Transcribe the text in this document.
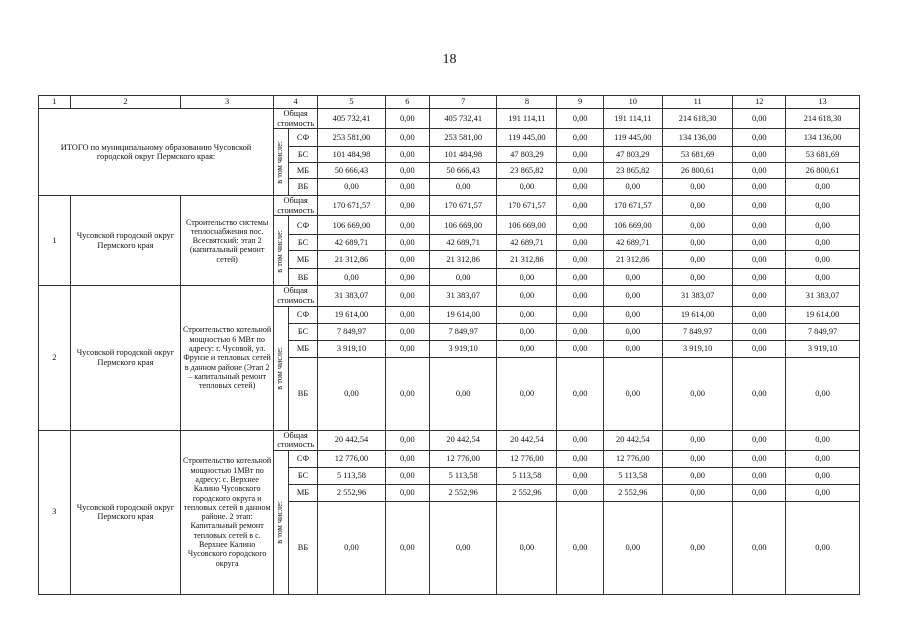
18
1	2	3	4		5	6	7	8	9	10	11	12	13
ИТОГО по муниципальному образованию Чусовской городской округ Пермского края:			Общая стоимость		405 732,41	0,00	405 732,41	191 114,11	0,00	191 114,11	214 618,30	0,00	214 618,30

			в том числе:	СФ	253 581,00	0,00	253 581,00	119 445,00	0,00	119 445,00	134 136,00	0,00	134 136,00
				БС	101 484,98	0,00	101 484,98	47 803,29	0,00	47 803,29	53 681,69	0,00	53 681,69
				МБ	50 666,43	0,00	50 666,43	23 865,82	0,00	23 865,82	26 800,61	0,00	26 800,61
				ВБ	0,00	0,00	0,00	0,00	0,00	0,00	0,00	0,00	0,00
1	Чусовской городской округ Пермского края	Строительство системы теплоснабжения пос. Всесвятский: этап 2 (капитальный ремонт сетей)	Общая стоимость		170 671,57	0,00	170 671,57	170 671,57	0,00	170 671,57	0,00	0,00	0,00

			в том числе:	СФ	106 669,00	0,00	106 669,00	106 669,00	0,00	106 669,00	0,00	0,00	0,00
				БС	42 689,71	0,00	42 689,71	42 689,71	0,00	42 689,71	0,00	0,00	0,00
				МБ	21 312,86	0,00	21 312,86	21 312,86	0,00	21 312,86	0,00	0,00	0,00
				ВБ	0,00	0,00	0,00	0,00	0,00	0,00	0,00	0,00	0,00
2	Чусовской городской округ Пермского края	Строительство котельной мощностью 6 МВт по адресу: г. Чусовой, ул. Фрунзе и тепловых сетей в данном районе (Этап 2 – капитальный ремонт тепловых сетей)	Общая стоимость		31 383,07	0,00	31 383,07	0,00	0,00	0,00	31 383,07	0,00	31 383,07

			в том числе:	СФ	19 614,00	0,00	19 614,00	0,00	0,00	0,00	19 614,00	0,00	19 614,00
				БС	7 849,97	0,00	7 849,97	0,00	0,00	0,00	7 849,97	0,00	7 849,97
				МБ	3 919,10	0,00	3 919,10	0,00	0,00	0,00	3 919,10	0,00	3 919,10
				ВБ	0,00	0,00	0,00	0,00	0,00	0,00	0,00	0,00	0,00
3	Чусовской городской округ Пермского края	Строительство котельной мощностью 1МВт по адресу: с. Верхнее Калино Чусовского городского округа и тепловых сетей в данном районе. 2 этап: Капитальный ремонт тепловых сетей в с. Верхнее Калино Чусовского городского округа	Общая стоимость		20 442,54	0,00	20 442,54	20 442,54	0,00	20 442,54	0,00	0,00	0,00

			в том числе:	СФ	12 776,00	0,00	12 776,00	12 776,00	0,00	12 776,00	0,00	0,00	0,00
				БС	5 113,58	0,00	5 113,58	5 113,58	0,00	5 113,58	0,00	0,00	0,00
				МБ	2 552,96	0,00	2 552,96	2 552,96	0,00	2 552,96	0,00	0,00	0,00
				ВБ	0,00	0,00	0,00	0,00	0,00	0,00	0,00	0,00	0,00
